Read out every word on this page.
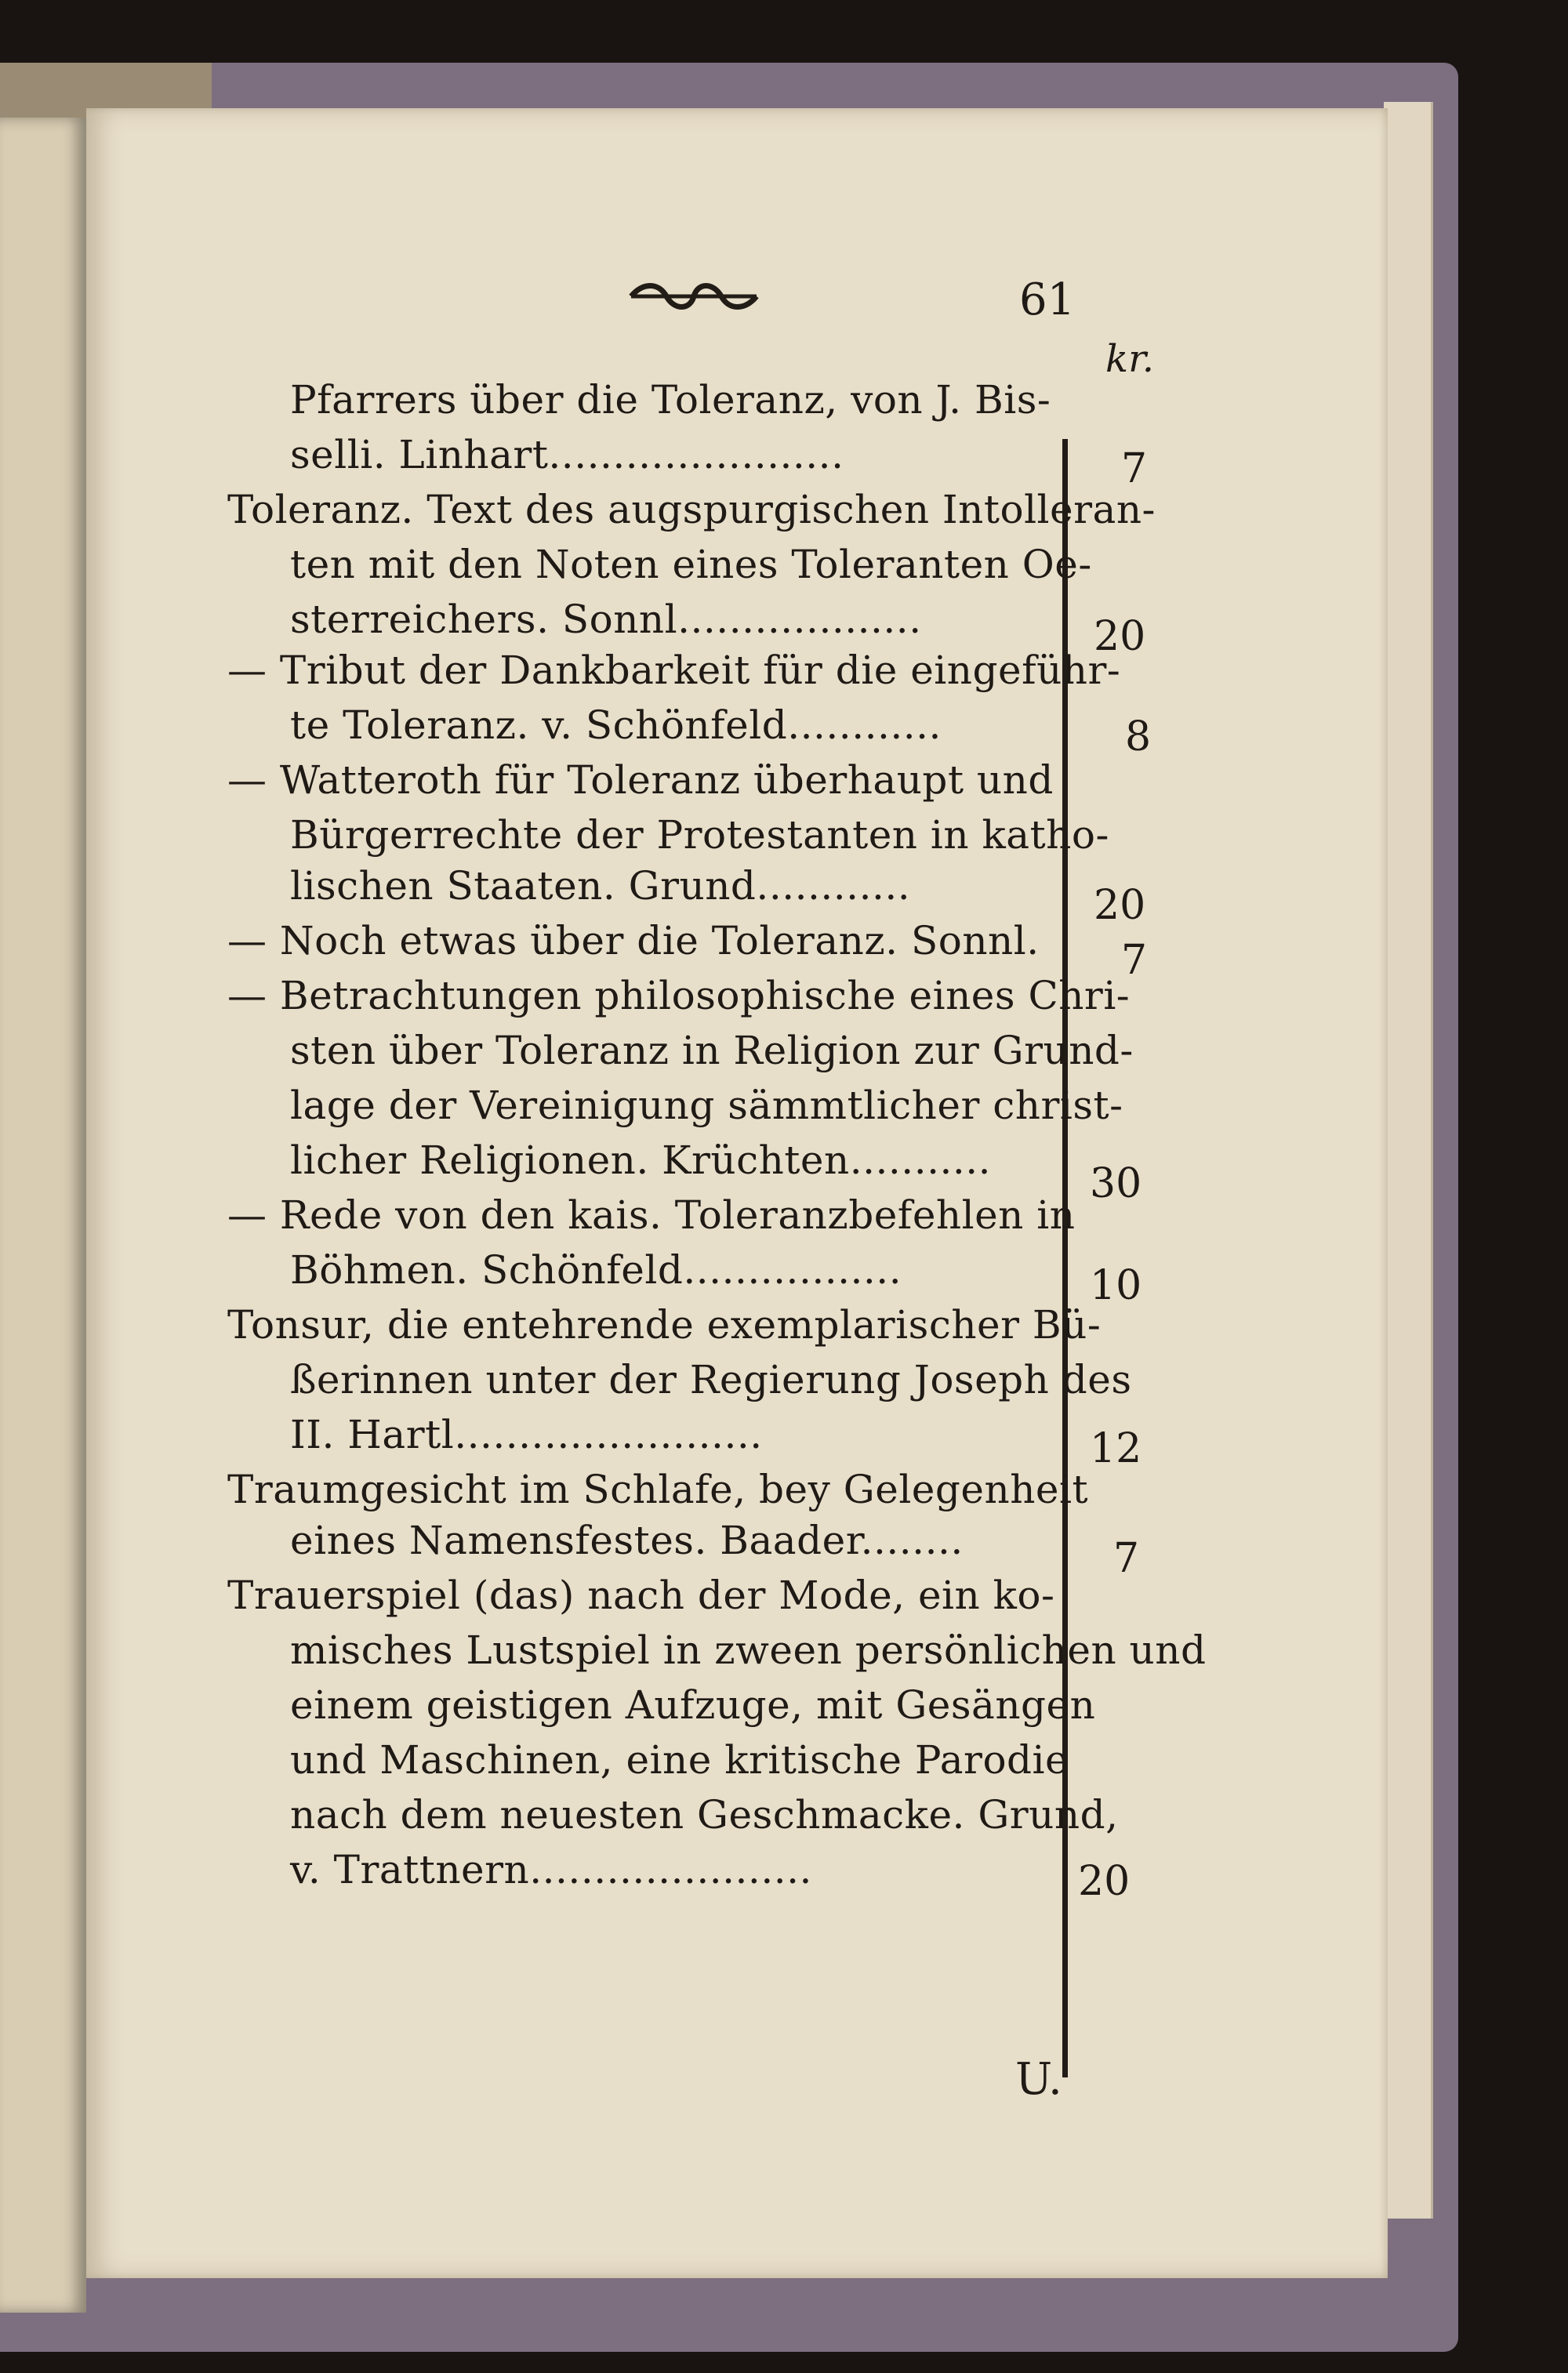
61
kr.
Pfarrers über die Toleranz, von J. Bis-
selli. Linhart.......................	7
Toleranz. Text des augspurgischen Intolleran-
ten mit den Noten eines Toleranten Oe-
sterreichers. Sonnl...................	20
— Tribut der Dankbarkeit für die eingeführ-
te Toleranz. v. Schönfeld............	8
— Watteroth für Toleranz überhaupt und
Bürgerrechte der Protestanten in katho-
lischen Staaten. Grund............	20
— Noch etwas über die Toleranz. Sonnl. 7
— Betrachtungen philosophische eines Chri-
sten über Toleranz in Religion zur Grund-
lage der Vereinigung sämmtlicher christ-
licher Religionen. Krüchten........... 30
— Rede von den kais. Toleranzbefehlen in
Böhmen. Schönfeld.................	10
Tonsur, die entehrende exemplarischer Bü-
ßerinnen unter der Regierung Joseph des
II. Hartl........................	12
Traumgesicht im Schlafe, bey Gelegenheit
eines Namensfestes. Baader........	7
Trauerspiel (das) nach der Mode, ein ko-
misches Lustspiel in zween persönlichen und
einem geistigen Aufzuge, mit Gesängen
und Maschinen, eine kritische Parodie
nach dem neuesten Geschmacke. Grund,
v. Trattnern......................	20
U.
